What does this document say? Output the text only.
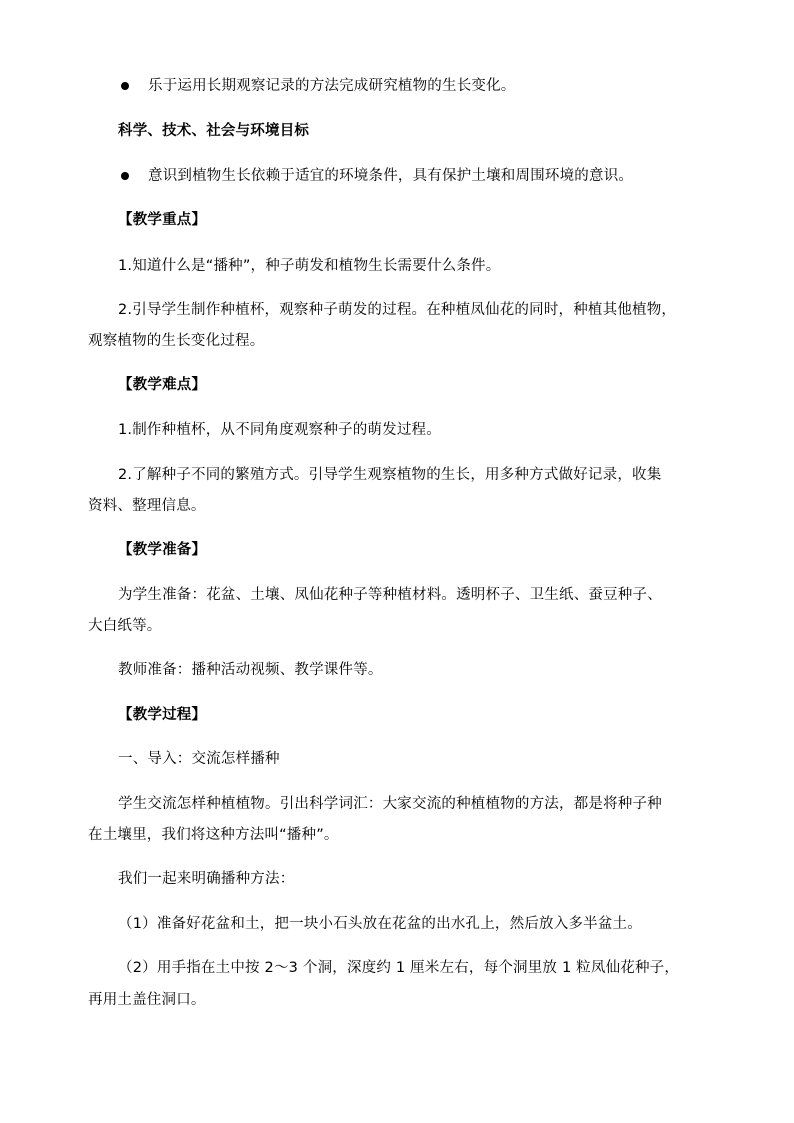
乐于运用长期观察记录的方法完成研究植物的生长变化。
科学、技术、社会与环境目标
意识到植物生长依赖于适宜的环境条件，具有保护土壤和周围环境的意识。
【教学重点】
1.知道什么是“播种”，种子萌发和植物生长需要什么条件。
2.引导学生制作种植杯，观察种子萌发的过程。在种植凤仙花的同时，种植其他植物，
观察植物的生长变化过程。
【教学难点】
1.制作种植杯，从不同角度观察种子的萌发过程。
2.了解种子不同的繁殖方式。引导学生观察植物的生长，用多种方式做好记录，收集
资料、整理信息。
【教学准备】
为学生准备：花盆、土壤、凤仙花种子等种植材料。透明杯子、卫生纸、蚕豆种子、
大白纸等。
教师准备：播种活动视频、教学课件等。
【教学过程】
一、导入：交流怎样播种
学生交流怎样种植植物。引出科学词汇：大家交流的种植植物的方法，都是将种子种
在土壤里，我们将这种方法叫“播种”。
我们一起来明确播种方法：
（1）准备好花盆和土，把一块小石头放在花盆的出水孔上，然后放入多半盆土。
（2）用手指在土中按 2～3 个洞，深度约 1 厘米左右，每个洞里放 1 粒凤仙花种子，
再用土盖住洞口。
